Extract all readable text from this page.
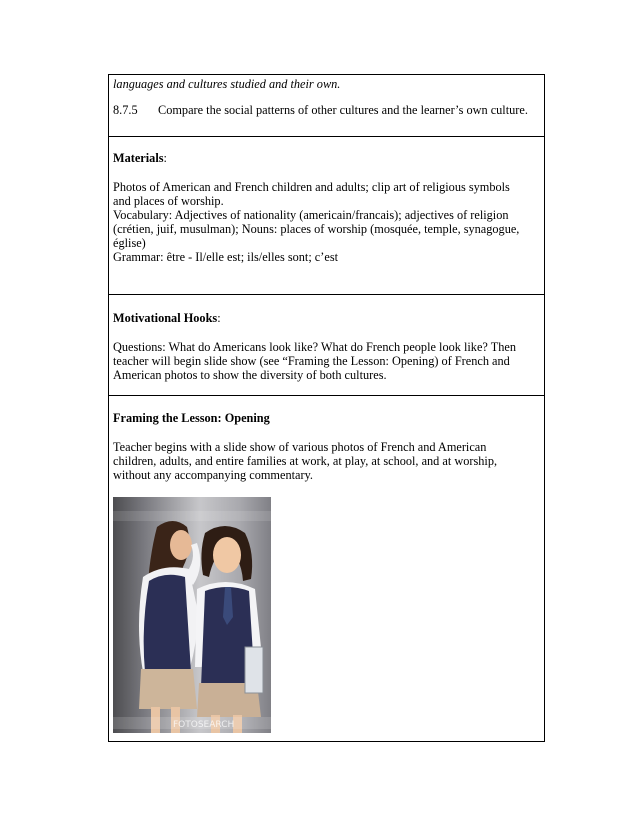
languages and cultures studied and their own.

8.7.5 Compare the social patterns of other cultures and the learner’s own culture.

Materials:

Photos of American and French children and adults; clip art of religious symbols

and places of worship.

Vocabulary: Adjectives of nationality (americain/francais); adjectives of religion

(crétien, juif, musulman); Nouns: places of worship (mosquée, temple, synagogue,

église)

Grammar: être - Il/elle est; ils/elles sont; c’est

Motivational Hooks:

Questions: What do Americans look like? What do French people look like? Then

teacher will begin slide show (see “Framing the Lesson: Opening) of French and

American photos to show the diversity of both cultures.

Framing the Lesson: Opening

Teacher begins with a slide show of various photos of French and American

children, adults, and entire families at work, at play, at school, and at worship,

without any accompanying commentary.

FOTOSEARCH
